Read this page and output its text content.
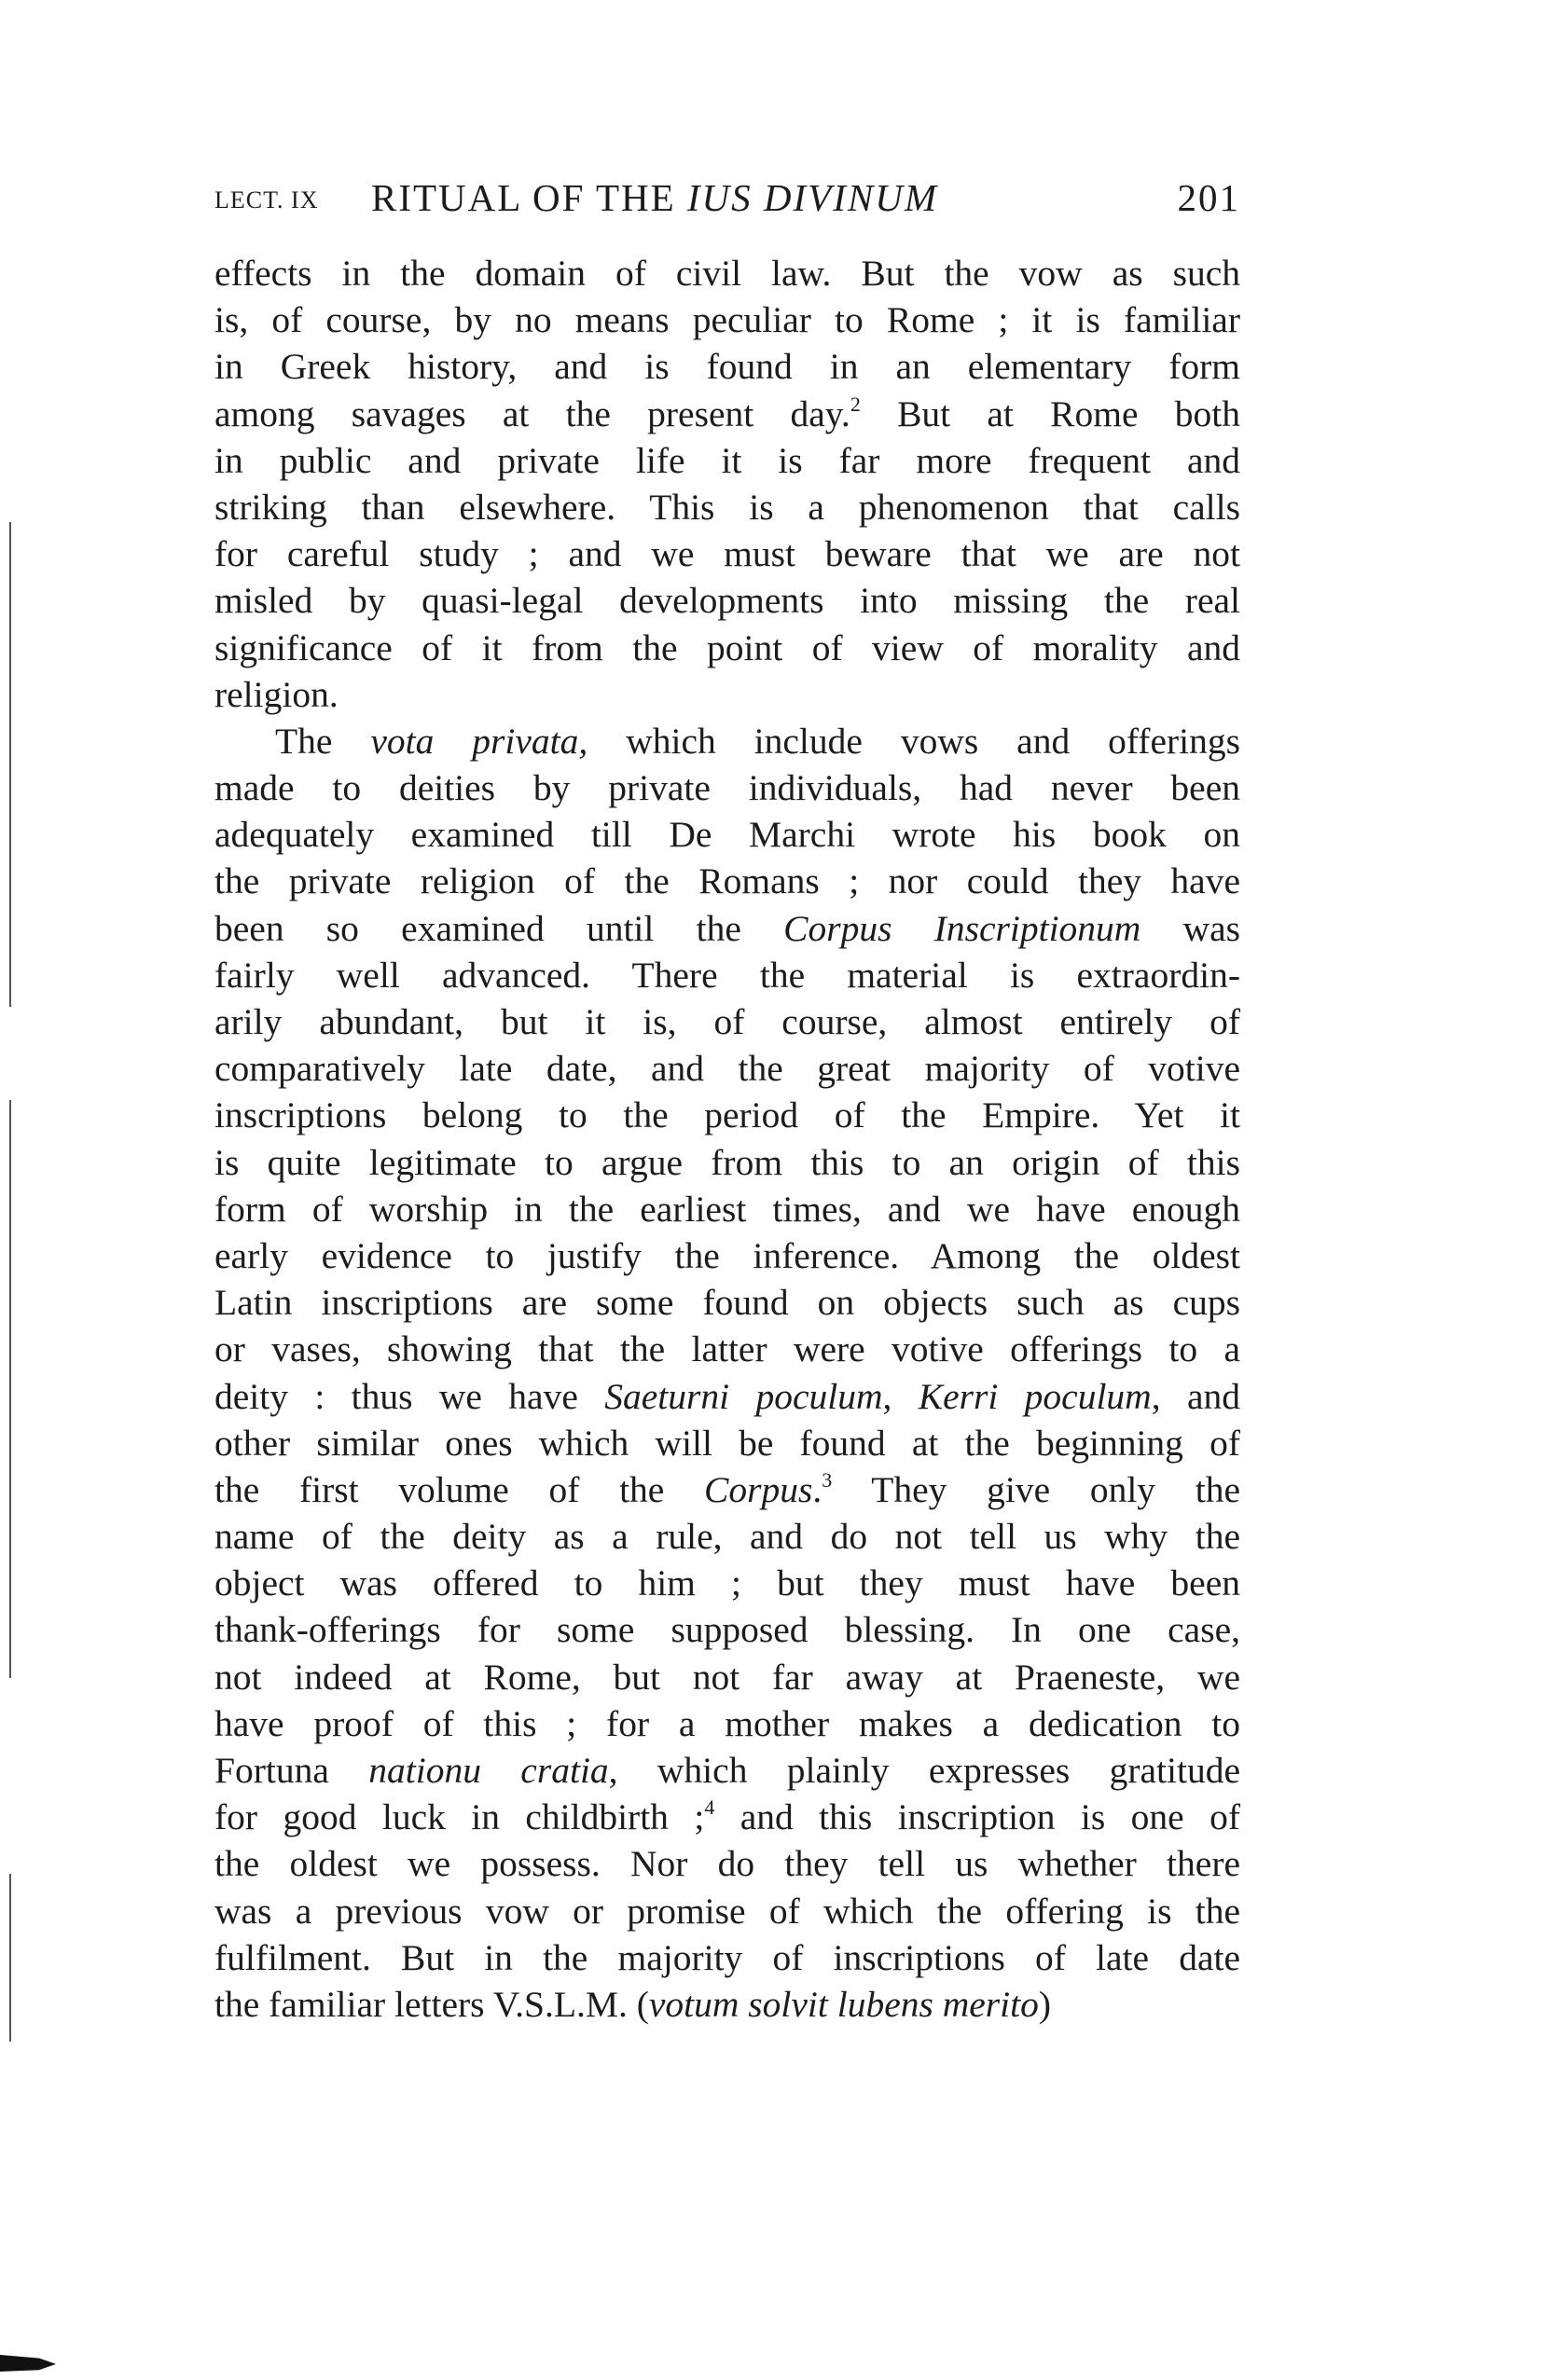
LECT. IX RITUAL OF THE IUS DIVINUM	201
effects in the domain of civil law. But the vow as such
is, of course, by no means peculiar to Rome ; it is familiar
in Greek history, and is found in an elementary form
among savages at the present day.$^2$ But at Rome both
in public and private life it is far more frequent and
striking than elsewhere. This is a phenomenon that calls
for careful study ; and we must beware that we are not
misled by quasi-legal developments into missing the real
significance of it from the point of view of morality and
religion.
The vota privata, which include vows and offerings
made to deities by private individuals, had never been
adequately examined till De Marchi wrote his book on
the private religion of the Romans ; nor could they have
been so examined until the Corpus Inscriptionum was
fairly well advanced. There the material is extraordin-
arily abundant, but it is, of course, almost entirely of
comparatively late date, and the great majority of votive
inscriptions belong to the period of the Empire. Yet it
is quite legitimate to argue from this to an origin of this
form of worship in the earliest times, and we have enough
early evidence to justify the inference. Among the oldest
Latin inscriptions are some found on objects such as cups
or vases, showing that the latter were votive offerings to a
deity : thus we have Saeturni poculum, Kerri poculum, and
other similar ones which will be found at the beginning of
the first volume of the Corpus.$^3$ They give only the
name of the deity as a rule, and do not tell us why the
object was offered to him ; but they must have been
thank-offerings for some supposed blessing. In one case,
not indeed at Rome, but not far away at Praeneste, we
have proof of this ; for a mother makes a dedication to
Fortuna nationu cratia, which plainly expresses gratitude
for good luck in childbirth ;$^4$ and this inscription is one of
the oldest we possess. Nor do they tell us whether there
was a previous vow or promise of which the offering is the
fulfilment. But in the majority of inscriptions of late date
the familiar letters V.S.L.M. (votum solvit lubens merito)
